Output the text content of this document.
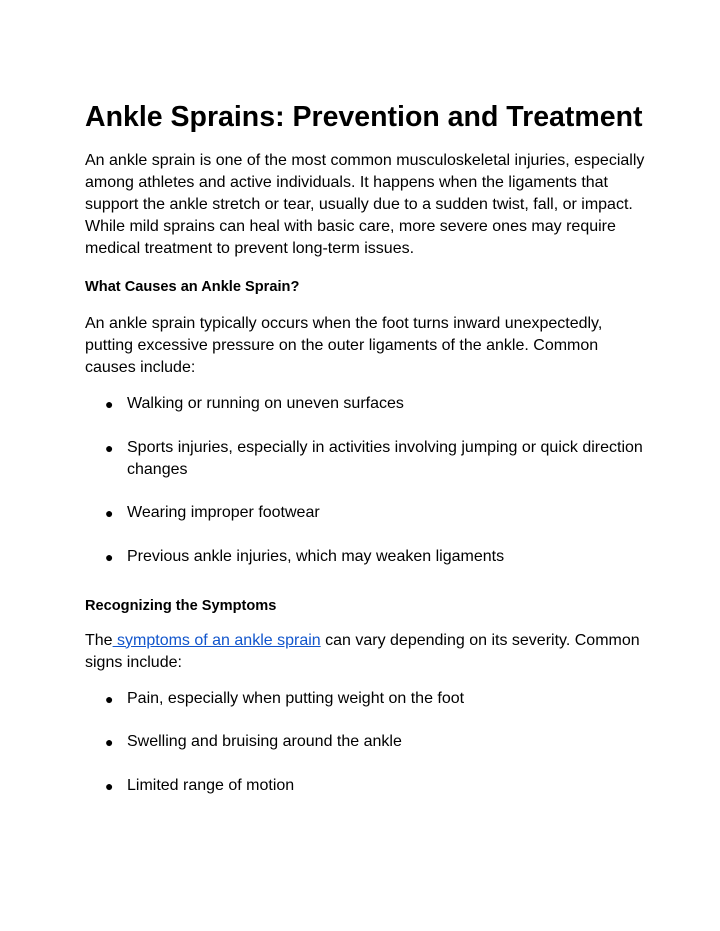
Ankle Sprains: Prevention and Treatment

An ankle sprain is one of the most common musculoskeletal injuries, especially among athletes and active individuals. It happens when the ligaments that support the ankle stretch or tear, usually due to a sudden twist, fall, or impact. While mild sprains can heal with basic care, more severe ones may require medical treatment to prevent long-term issues.

What Causes an Ankle Sprain?

An ankle sprain typically occurs when the foot turns inward unexpectedly, putting excessive pressure on the outer ligaments of the ankle. Common causes include:

● Walking or running on uneven surfaces
● Sports injuries, especially in activities involving jumping or quick direction changes
● Wearing improper footwear
● Previous ankle injuries, which may weaken ligaments
Recognizing the Symptoms

The symptoms of an ankle sprain can vary depending on its severity. Common signs include:

● Pain, especially when putting weight on the foot
● Swelling and bruising around the ankle
● Limited range of motion
